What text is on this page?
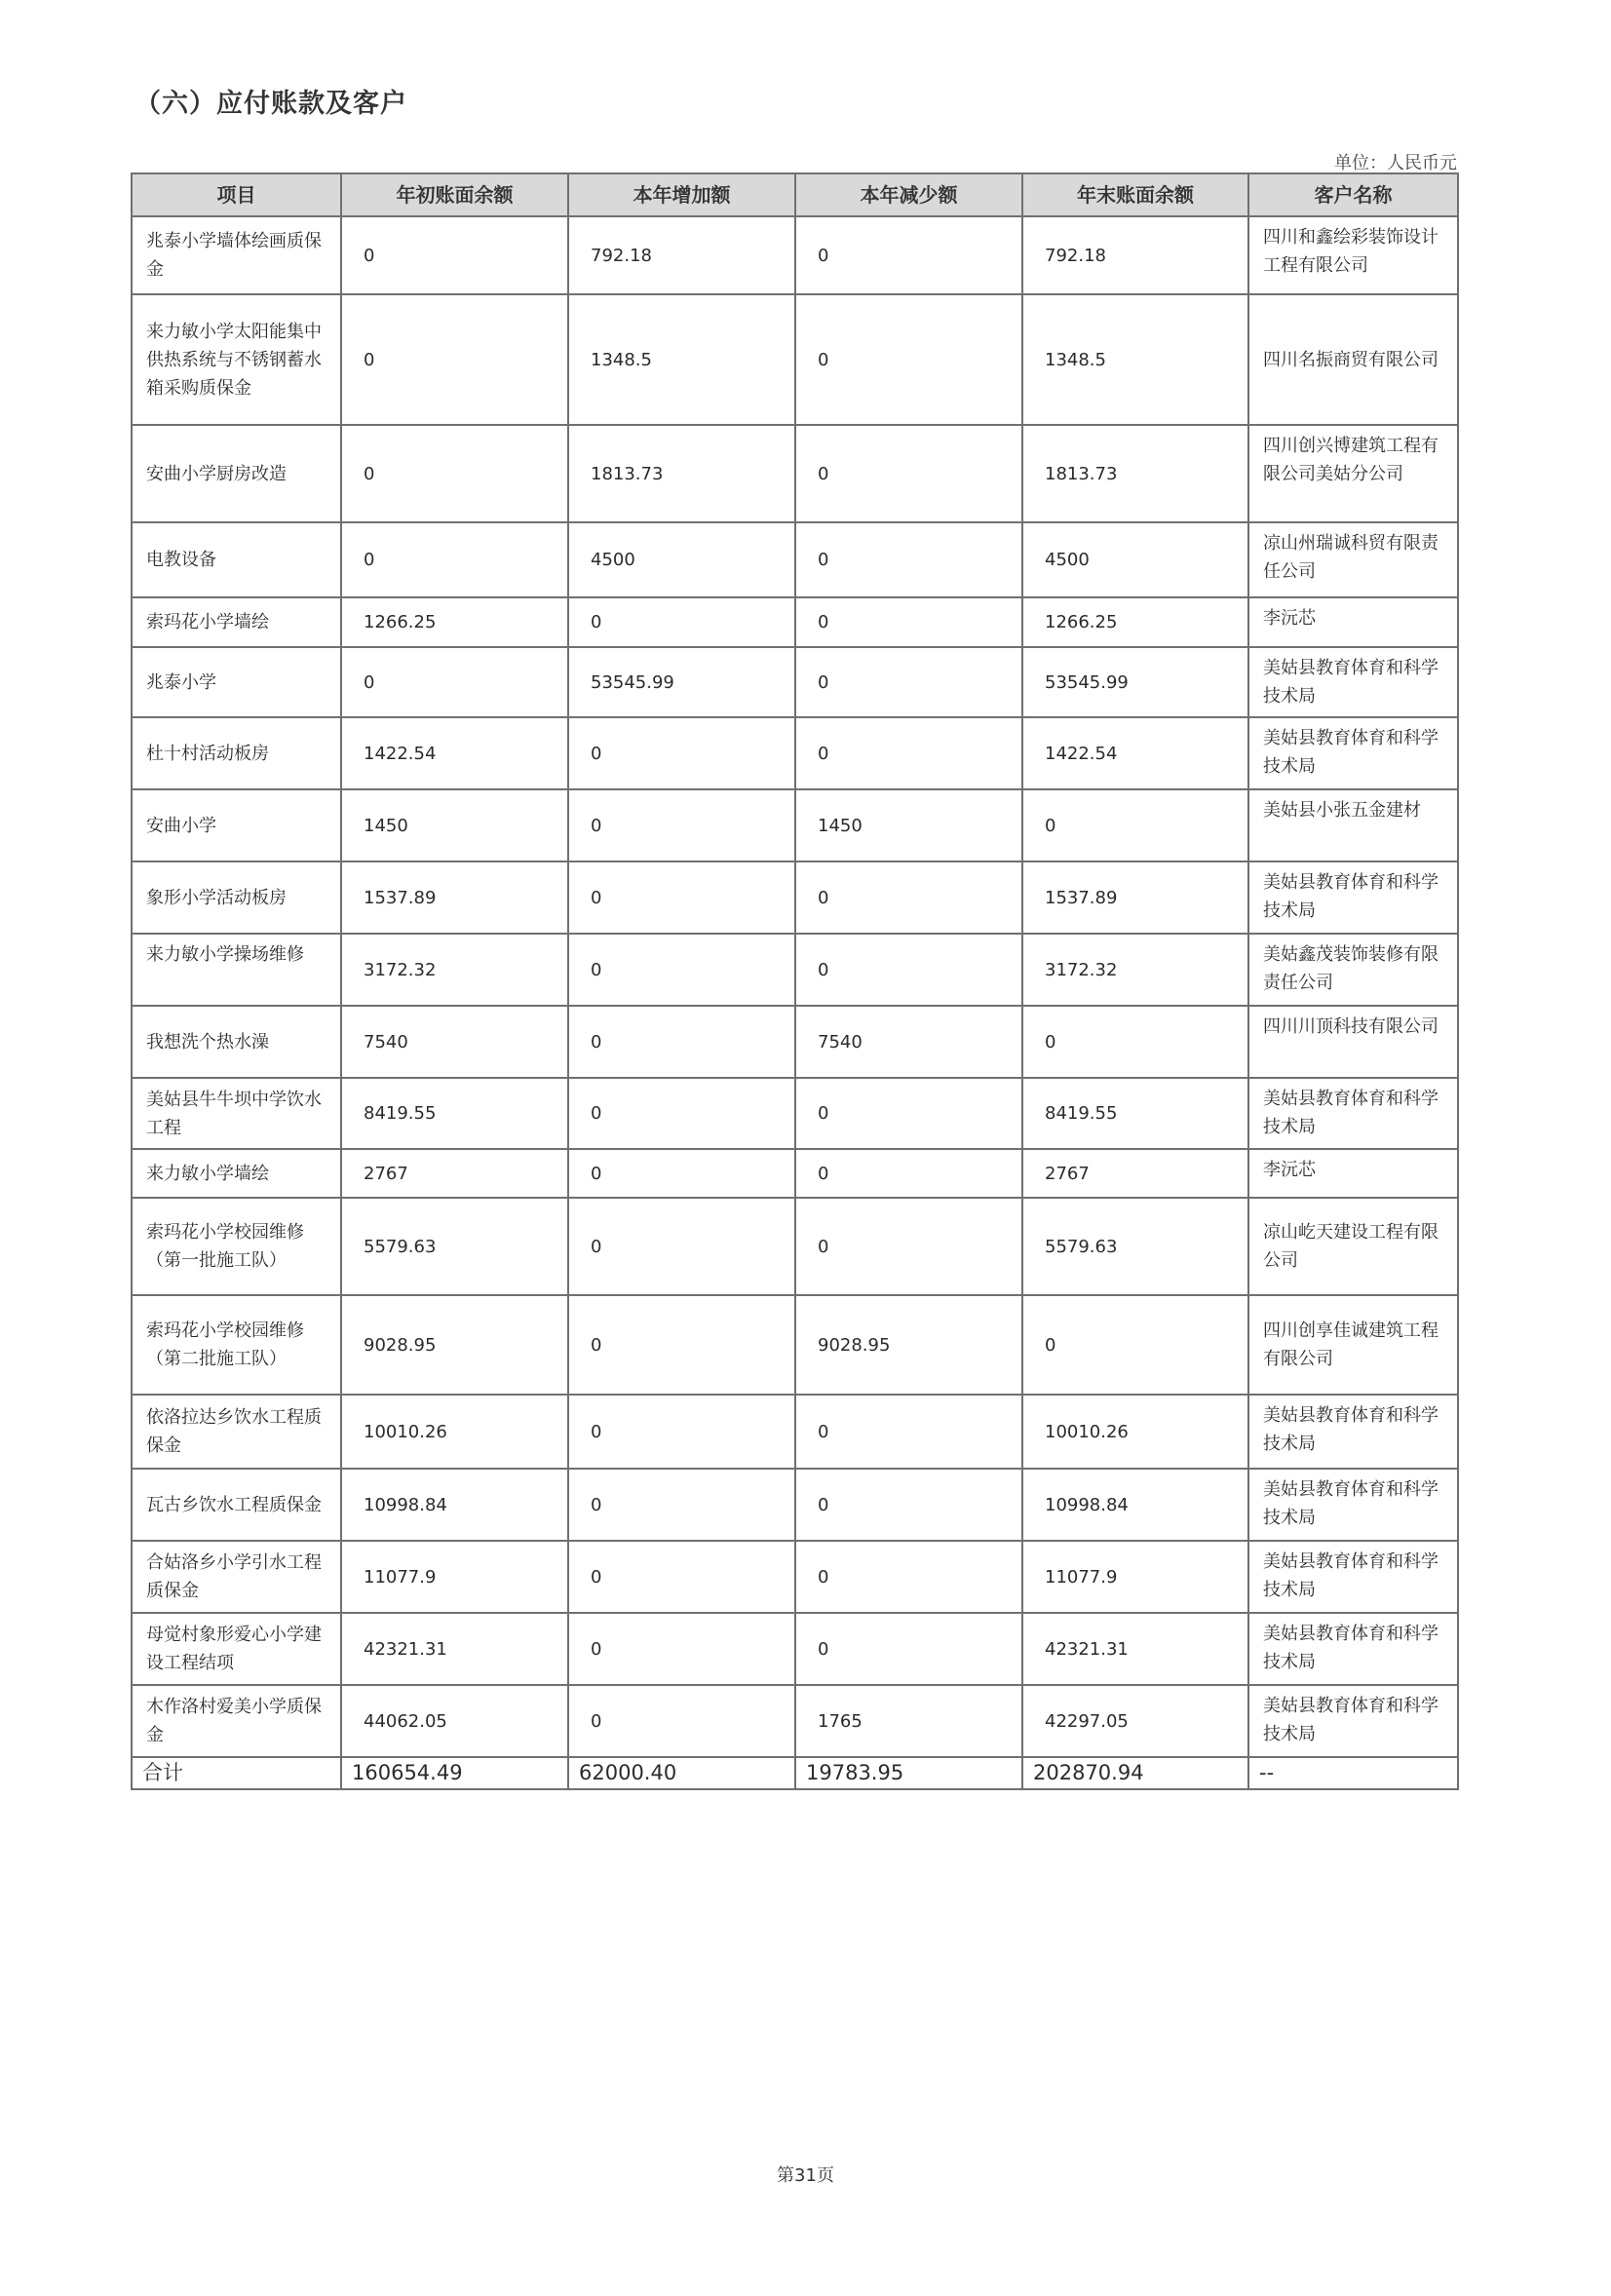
（六）应付账款及客户
单位：人民币元
项目	年初账面余额	本年增加额	本年减少额	年末账面余额	客户名称
兆泰小学墙体绘画质保金	0	792.18	0	792.18	四川和鑫绘彩装饰设计工程有限公司
来力敏小学太阳能集中供热系统与不锈钢蓄水箱采购质保金	0	1348.5	0	1348.5	四川名振商贸有限公司
安曲小学厨房改造	0	1813.73	0	1813.73	四川创兴博建筑工程有限公司美姑分公司
电教设备	0	4500	0	4500	凉山州瑞诚科贸有限责任公司
索玛花小学墙绘	1266.25	0	0	1266.25	李沅芯
兆泰小学	0	53545.99	0	53545.99	美姑县教育体育和科学技术局
杜十村活动板房	1422.54	0	0	1422.54	美姑县教育体育和科学技术局
安曲小学	1450	0	1450	0	美姑县小张五金建材
象形小学活动板房	1537.89	0	0	1537.89	美姑县教育体育和科学技术局
来力敏小学操场维修	3172.32	0	0	3172.32	美姑鑫茂装饰装修有限责任公司
我想洗个热水澡	7540	0	7540	0	四川川顶科技有限公司
美姑县牛牛坝中学饮水工程	8419.55	0	0	8419.55	美姑县教育体育和科学技术局
来力敏小学墙绘	2767	0	0	2767	李沅芯
索玛花小学校园维修（第一批施工队）	5579.63	0	0	5579.63	凉山屹天建设工程有限公司
索玛花小学校园维修（第二批施工队）	9028.95	0	9028.95	0	四川创享佳诚建筑工程有限公司
依洛拉达乡饮水工程质保金	10010.26	0	0	10010.26	美姑县教育体育和科学技术局
瓦古乡饮水工程质保金	10998.84	0	0	10998.84	美姑县教育体育和科学技术局
合姑洛乡小学引水工程质保金	11077.9	0	0	11077.9	美姑县教育体育和科学技术局
母觉村象形爱心小学建设工程结项	42321.31	0	0	42321.31	美姑县教育体育和科学技术局
木作洛村爱美小学质保金	44062.05	0	1765	42297.05	美姑县教育体育和科学技术局
合计	160654.49	62000.40	19783.95	202870.94	--
第31页
